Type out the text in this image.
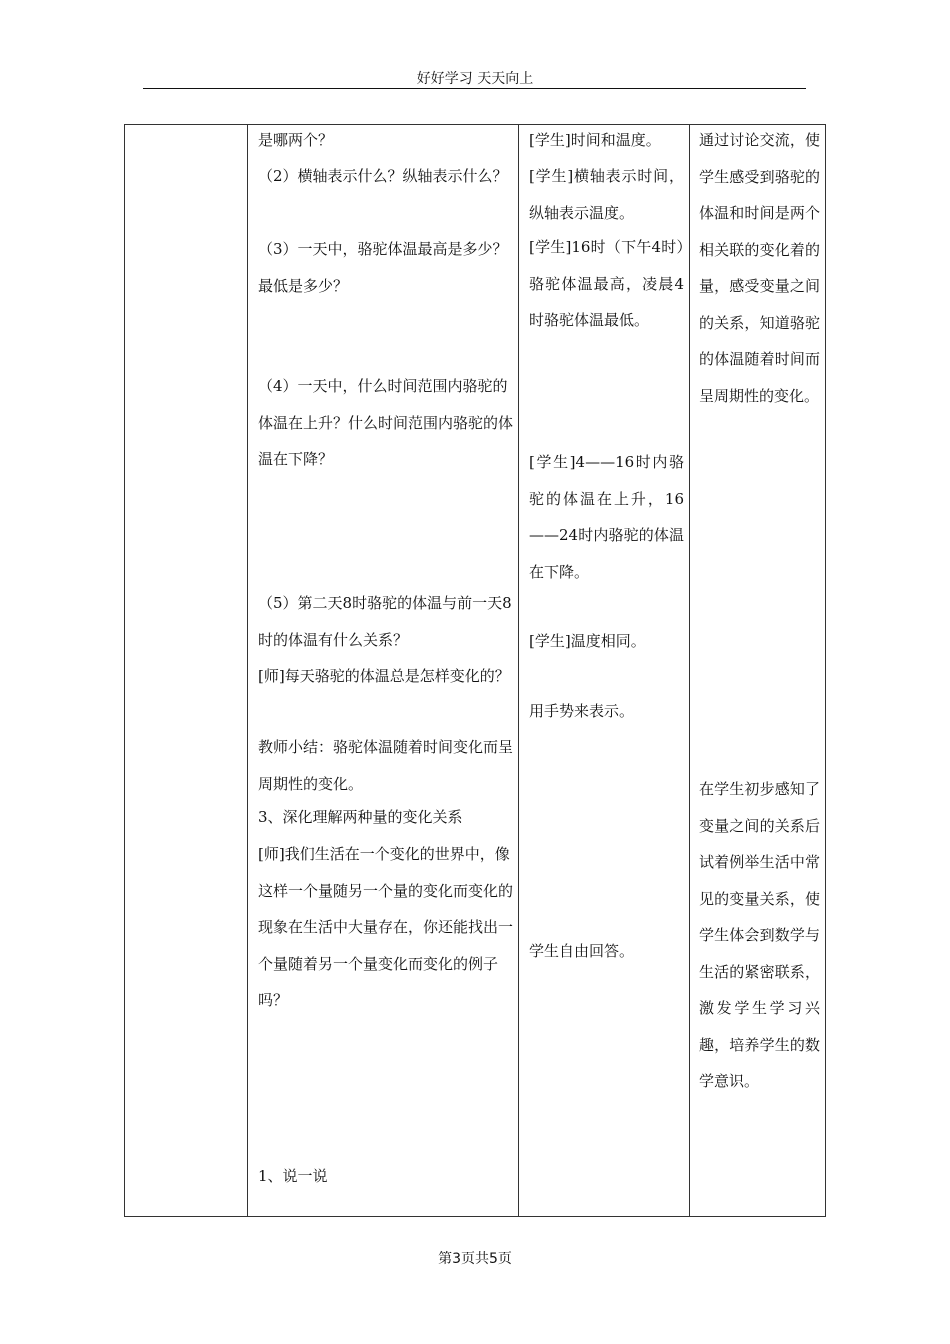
好好学习 天天向上

是哪两个？

（2）横轴表示什么？纵轴表示什么？

（3）一天中，骆驼体温最高是多少？最低是多少？

（4）一天中，什么时间范围内骆驼的体温在上升？什么时间范围内骆驼的体温在下降？

（5）第二天8时骆驼的体温与前一天8时的体温有什么关系？

[师]每天骆驼的体温总是怎样变化的？

教师小结：骆驼体温随着时间变化而呈周期性的变化。

3、深化理解两种量的变化关系

[师]我们生活在一个变化的世界中，像这样一个量随另一个量的变化而变化的现象在生活中大量存在，你还能找出一个量随着另一个量变化而变化的例子吗？

1、说一说

[学生]时间和温度。

[学生]横轴表示时间，纵轴表示温度。

[学生]16时（下午4时）骆驼体温最高，凌晨4时骆驼体温最低。

[学生]4——16时内骆驼的体温在上升，16——24时内骆驼的体温在下降。

[学生]温度相同。

用手势来表示。

学生自由回答。

通过讨论交流，使学生感受到骆驼的体温和时间是两个相关联的变化着的量，感受变量之间的关系，知道骆驼的体温随着时间而呈周期性的变化。

在学生初步感知了变量之间的关系后试着例举生活中常见的变量关系，使学生体会到数学与生活的紧密联系，激发学生学习兴趣，培养学生的数学意识。

第3页共5页
